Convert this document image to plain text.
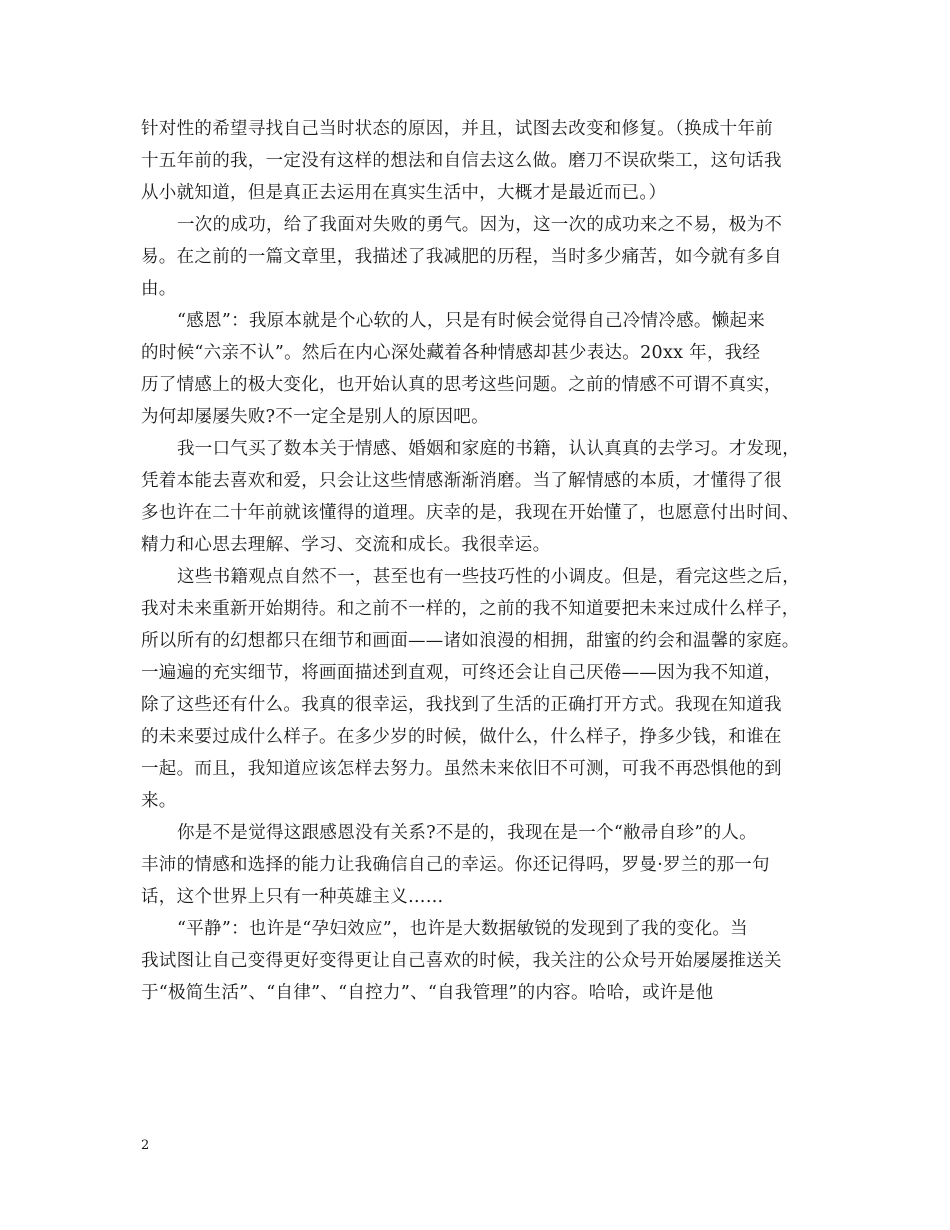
针对性的希望寻找自己当时状态的原因，并且，试图去改变和修复。（换成十年前
十五年前的我，一定没有这样的想法和自信去这么做。磨刀不误砍柴工，这句话我
从小就知道，但是真正去运用在真实生活中，大概才是最近而已。）
一次的成功，给了我面对失败的勇气。因为，这一次的成功来之不易，极为不
易。在之前的一篇文章里，我描述了我减肥的历程，当时多少痛苦，如今就有多自
由。
“感恩”：我原本就是个心软的人，只是有时候会觉得自己冷情冷感。懒起来
的时候“六亲不认”。然后在内心深处藏着各种情感却甚少表达。20xx 年，我经
历了情感上的极大变化，也开始认真的思考这些问题。之前的情感不可谓不真实，
为何却屡屡失败?不一定全是别人的原因吧。
我一口气买了数本关于情感、婚姻和家庭的书籍，认认真真的去学习。才发现，
凭着本能去喜欢和爱，只会让这些情感渐渐消磨。当了解情感的本质，才懂得了很
多也许在二十年前就该懂得的道理。庆幸的是，我现在开始懂了，也愿意付出时间、
精力和心思去理解、学习、交流和成长。我很幸运。
这些书籍观点自然不一，甚至也有一些技巧性的小调皮。但是，看完这些之后，
我对未来重新开始期待。和之前不一样的，之前的我不知道要把未来过成什么样子，
所以所有的幻想都只在细节和画面——诸如浪漫的相拥，甜蜜的约会和温馨的家庭。
一遍遍的充实细节，将画面描述到直观，可终还会让自己厌倦——因为我不知道，
除了这些还有什么。我真的很幸运，我找到了生活的正确打开方式。我现在知道我
的未来要过成什么样子。在多少岁的时候，做什么，什么样子，挣多少钱，和谁在
一起。而且，我知道应该怎样去努力。虽然未来依旧不可测，可我不再恐惧他的到
来。
你是不是觉得这跟感恩没有关系?不是的，我现在是一个“敝帚自珍”的人。
丰沛的情感和选择的能力让我确信自己的幸运。你还记得吗，罗曼·罗兰的那一句
话，这个世界上只有一种英雄主义……
“平静”：也许是“孕妇效应”，也许是大数据敏锐的发现到了我的变化。当
我试图让自己变得更好变得更让自己喜欢的时候，我关注的公众号开始屡屡推送关
于“极简生活”、“自律”、“自控力”、“自我管理”的内容。哈哈，或许是他
2
